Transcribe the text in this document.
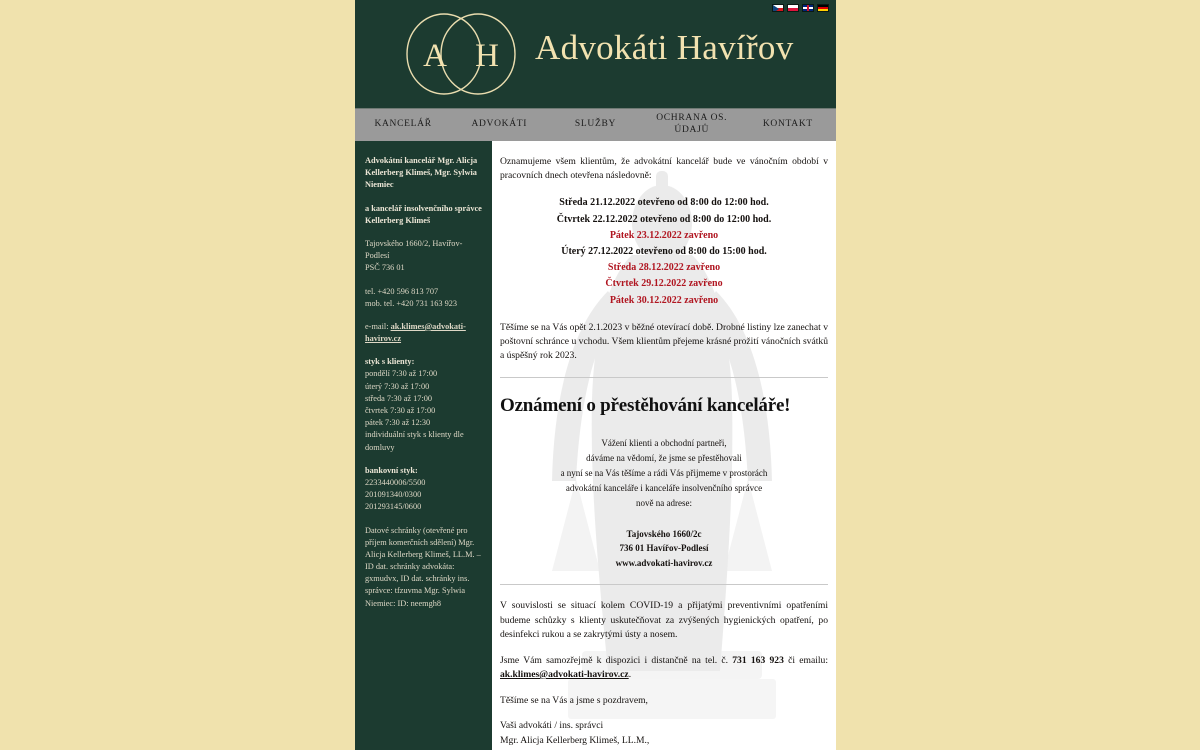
A H Advokáti Havířov
KANCELÁŘ	ADVOKÁTI	SLUŽBY
OCHRANA OS. ÚDAJŮ
KONTAKT
Advokátní kancelář Mgr. Alicja Kellerberg Klimeš, Mgr. Sylwia Niemiec
a kancelář insolvenčního správce Kellerberg Klimeš
Tajovského 1660/2, Havířov-Podlesí
PSČ 736 01
tel. +420 596 813 707
mob. tel. +420 731 163 923
e-mail: ak.klimes@advokati-havirov.cz
styk s klienty:
pondělí 7:30 až 17:00
úterý 7:30 až 17:00
středa 7:30 až 17:00
čtvrtek 7:30 až 17:00
pátek 7:30 až 12:30
individuální styk s klienty dle domluvy
bankovní styk:
2233440006/5500
201091340/0300
201293145/0600
Datové schránky (otevřené pro příjem komerčních sdělení) Mgr. Alicja Kellerberg Klimeš, LL.M. – ID dat. schránky advokáta: gxmudvx, ID dat. schránky ins. správce: tfzuvma Mgr. Sylwia Niemiec: ID: neemgh8

Oznamujeme všem klientům, že advokátní kancelář bude ve vánočním období v pracovních dnech otevřena následovně:

Středa 21.12.2022 otevřeno od 8:00 do 12:00 hod.
Čtvrtek 22.12.2022 otevřeno od 8:00 do 12:00 hod.
Pátek 23.12.2022 zavřeno
Úterý 27.12.2022 otevřeno od 8:00 do 15:00 hod.
Středa 28.12.2022 zavřeno
Čtvrtek 29.12.2022 zavřeno
Pátek 30.12.2022 zavřeno

Těšíme se na Vás opět 2.1.2023 v běžné otevírací době. Drobné listiny lze zanechat v poštovní schránce u vchodu. Všem klientům přejeme krásné prožití vánočních svátků a úspěšný rok 2023.

Oznámení o přestěhování kanceláře!
Vážení klienti a obchodní partneři,
dáváme na vědomí, že jsme se přestěhovali
a nyní se na Vás těšíme a rádi Vás přijmeme v prostorách
advokátní kanceláře i kanceláře insolvenčního správce
nově na adrese:
Tajovského 1660/2c
736 01 Havířov-Podlesí
www.advokati-havirov.cz

V souvislosti se situací kolem COVID-19 a přijatými preventivními opatřeními budeme schůzky s klienty uskutečňovat za zvýšených hygienických opatření, po desinfekci rukou a se zakrytými ústy a nosem.

Jsme Vám samozřejmě k dispozici i distančně na tel. č. 731 163 923 či emailu: ak.klimes@advokati-havirov.cz.

Těšíme se na Vás a jsme s pozdravem,

Vaši advokáti / ins. správci
Mgr. Alicja Kellerberg Klimeš, LL.M.,
